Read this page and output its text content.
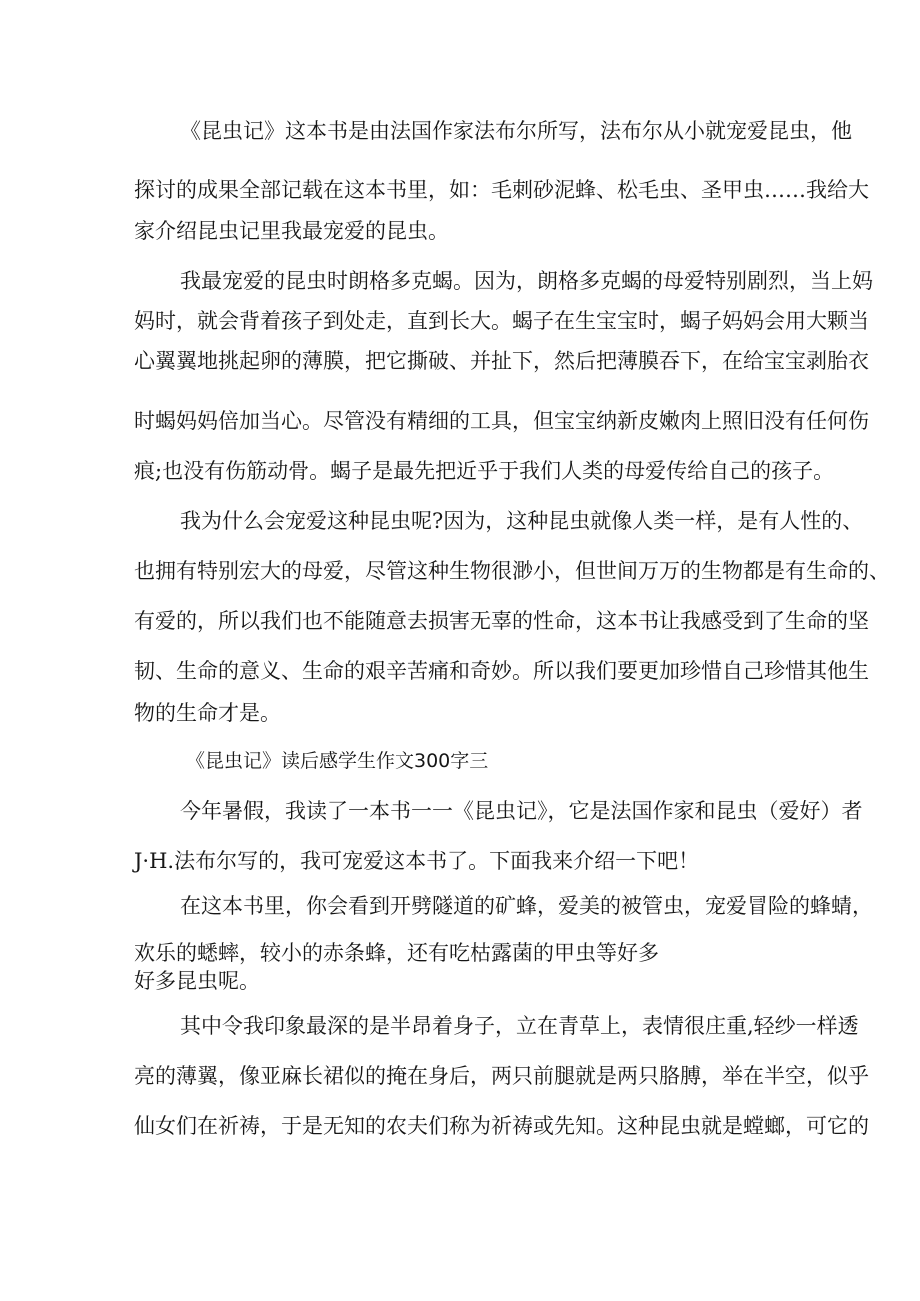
《昆虫记》这本书是由法国作家法布尔所写，法布尔从小就宠爱昆虫，他

探讨的成果全部记载在这本书里，如：毛刺砂泥蜂、松毛虫、圣甲虫……我给大

家介绍昆虫记里我最宠爱的昆虫。

我最宠爱的昆虫时朗格多克蝎。因为，朗格多克蝎的母爱特别剧烈，当上妈

妈时，就会背着孩子到处走，直到长大。蝎子在生宝宝时，蝎子妈妈会用大颗当

心翼翼地挑起卵的薄膜，把它撕破、并扯下，然后把薄膜吞下，在给宝宝剥胎衣

时蝎妈妈倍加当心。尽管没有精细的工具，但宝宝纳新皮嫩肉上照旧没有任何伤

痕;也没有伤筋动骨。蝎子是最先把近乎于我们人类的母爱传给自己的孩子。

我为什么会宠爱这种昆虫呢?因为，这种昆虫就像人类一样，是有人性的、

也拥有特别宏大的母爱，尽管这种生物很渺小，但世间万万的生物都是有生命的、

有爱的，所以我们也不能随意去损害无辜的性命，这本书让我感受到了生命的坚

韧、生命的意义、生命的艰辛苦痛和奇妙。所以我们要更加珍惜自己珍惜其他生

物的生命才是。

《昆虫记》读后感学生作文300字三

今年暑假，我读了一本书一一《昆虫记》，它是法国作家和昆虫（爱好）者

J·H.法布尔写的，我可宠爱这本书了。下面我来介绍一下吧！

在这本书里，你会看到开劈隧道的矿蜂，爱美的被管虫，宠爱冒险的蜂蜻，

欢乐的蟋蟀，较小的赤条蜂，还有吃枯露菌的甲虫等好多

好多昆虫呢。

其中令我印象最深的是半昂着身子，立在青草上，表情很庄重,轻纱一样透

亮的薄翼，像亚麻长裙似的掩在身后，两只前腿就是两只胳膊，举在半空，似乎

仙女们在祈祷，于是无知的农夫们称为祈祷或先知。这种昆虫就是螳螂，可它的
